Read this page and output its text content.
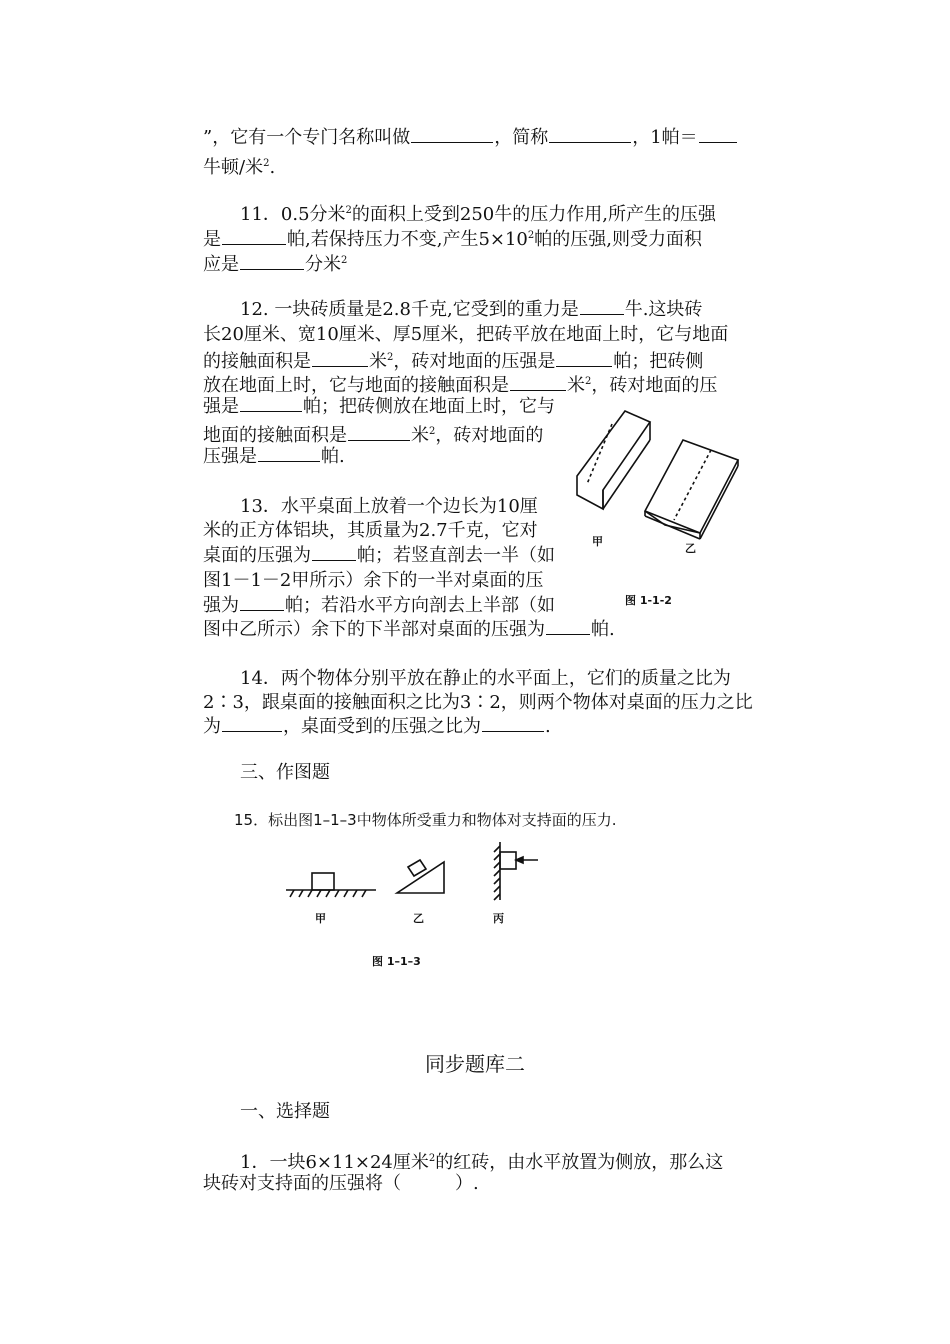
”，它有一个专门名称叫做	，简称	，1帕＝
牛顿/米$^2$.
11．0.5分米$^2$的面积上受到250牛的压力作用,所产生的压强
是	帕,若保持压力不变,产生$5\times 10^2$帕的压强,则受力面积
应是	分米$^2$
12. 一块砖质量是2.8千克,它受到的重力是	牛.这块砖
长20厘米、宽10厘米、厚5厘米，把砖平放在地面上时，它与地面
的接触面积是	米$^2$，砖对地面的压强是	帕；把砖侧
放在地面上时，它与地面的接触面积是	米$^2$，砖对地面的压
强是	帕；把砖侧放在地面上时，它与
地面的接触面积是	米$^2$，砖对地面的
压强是	帕.
甲
乙
图 1-1-2
13．水平桌面上放着一个边长为10厘
米的正方体铝块，其质量为2.7千克，它对
桌面的压强为	帕；若竖直剖去一半（如
图1－1－2甲所示）余下的一半对桌面的压
强为	帕；若沿水平方向剖去上半部（如
图中乙所示）余下的下半部对桌面的压强为	帕.
14．两个物体分别平放在静止的水平面上，它们的质量之比为
2∶3，跟桌面的接触面积之比为3∶2，则两个物体对桌面的压力之比
为	，桌面受到的压强之比为	.
三、作图题
15．标出图1–1–3中物体所受重力和物体对支持面的压力.
甲	乙	丙
图 1–1–3
同步题库二
一、选择题
1．一块6×11×24厘米$^2$的红砖，由水平放置为侧放，那么这
块砖对支持面的压强将（　　　）.
